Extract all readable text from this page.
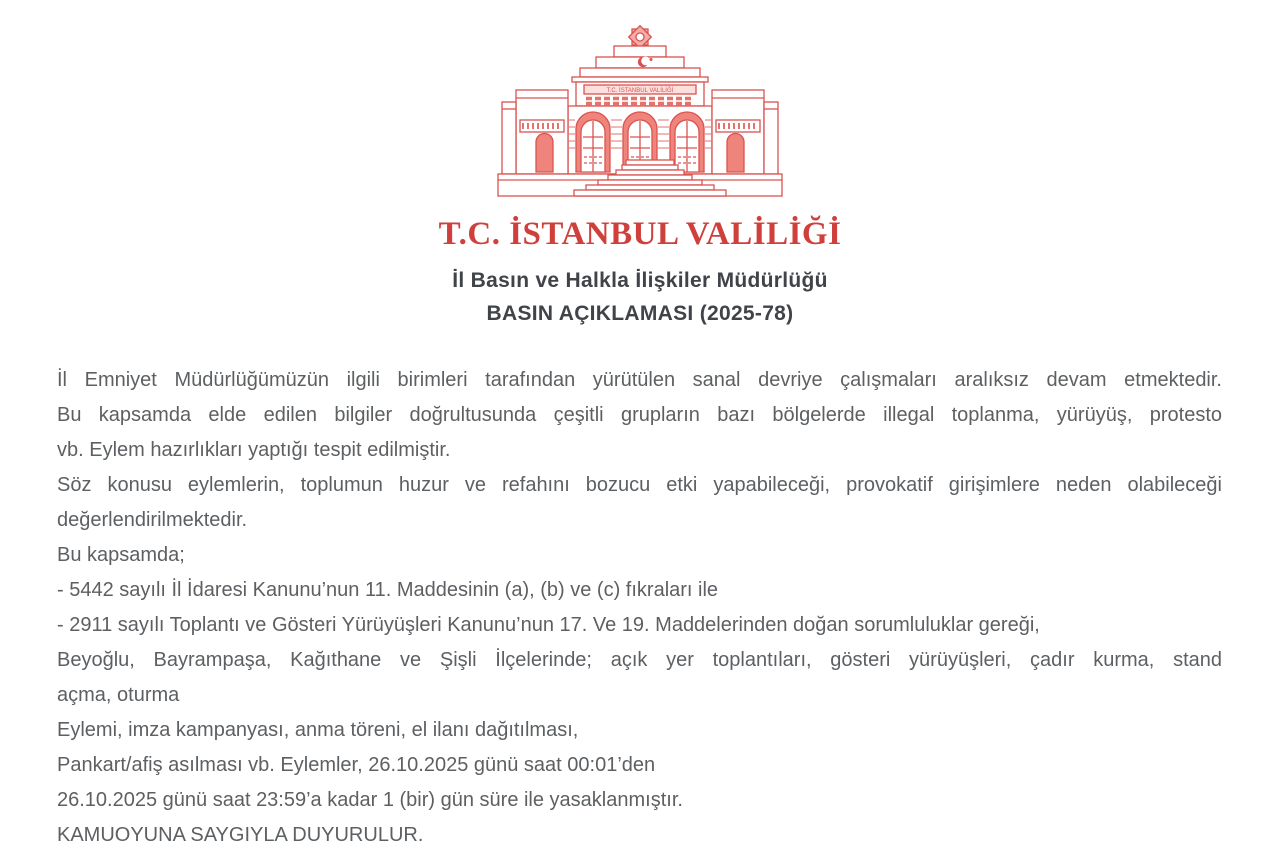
T.C. İSTANBUL VALİLİĞİ
T.C. İSTANBUL VALİLİĞİ
İl Basın ve Halkla İlişkiler Müdürlüğü
BASIN AÇIKLAMASI (2025-78)
İl Emniyet Müdürlüğümüzün ilgili birimleri tarafından yürütülen sanal devriye çalışmaları aralıksız devam etmektedir.
Bu kapsamda elde edilen bilgiler doğrultusunda çeşitli grupların bazı bölgelerde illegal toplanma, yürüyüş, protesto
vb. Eylem hazırlıkları yaptığı tespit edilmiştir.
Söz konusu eylemlerin, toplumun huzur ve refahını bozucu etki yapabileceği, provokatif girişimlere neden olabileceği
değerlendirilmektedir.
Bu kapsamda;
- 5442 sayılı İl İdaresi Kanunu’nun 11. Maddesinin (a), (b) ve (c) fıkraları ile
- 2911 sayılı Toplantı ve Gösteri Yürüyüşleri Kanunu’nun 17. Ve 19. Maddelerinden doğan sorumluluklar gereği,
Beyoğlu, Bayrampaşa, Kağıthane ve Şişli İlçelerinde; açık yer toplantıları, gösteri yürüyüşleri, çadır kurma, stand
açma, oturma
Eylemi, imza kampanyası, anma töreni, el ilanı dağıtılması,
Pankart/afiş asılması vb. Eylemler, 26.10.2025 günü saat 00:01’den
26.10.2025 günü saat 23:59’a kadar 1 (bir) gün süre ile yasaklanmıştır.
KAMUOYUNA SAYGIYLA DUYURULUR.
